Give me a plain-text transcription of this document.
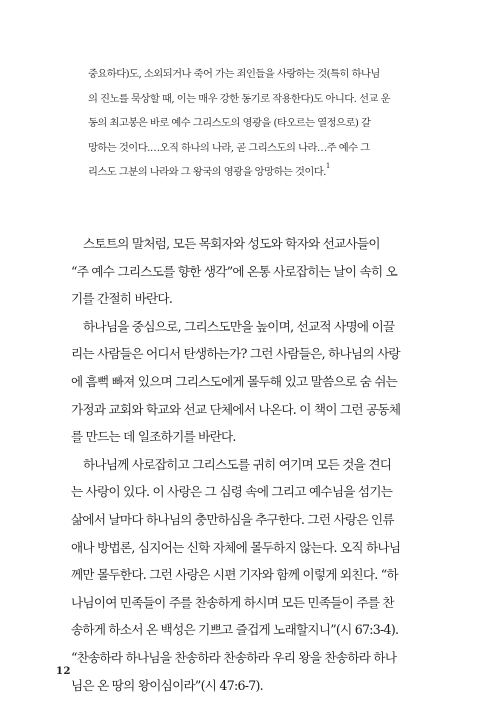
중요하다)도, 소외되거나 죽어 가는 죄인들을 사랑하는 것(특히 하나님
의 진노를 묵상할 때, 이는 매우 강한 동기로 작용한다)도 아니다. 선교 운
동의 최고봉은 바로 예수 그리스도의 영광을 (타오르는 열정으로) 갈
망하는 것이다.…오직 하나의 나라, 곧 그리스도의 나라…주 예수 그
리스도 그분의 나라와 그 왕국의 영광을 앙망하는 것이다.$^1$
스토트의 말처럼, 모든 목회자와 성도와 학자와 선교사들이
“주 예수 그리스도를 향한 생각”에 온통 사로잡히는 날이 속히 오
기를 간절히 바란다.
하나님을 중심으로, 그리스도만을 높이며, 선교적 사명에 이끌
리는 사람들은 어디서 탄생하는가? 그런 사람들은, 하나님의 사랑
에 흠뻑 빠져 있으며 그리스도에게 몰두해 있고 말씀으로 숨 쉬는
가정과 교회와 학교와 선교 단체에서 나온다. 이 책이 그런 공동체
를 만드는 데 일조하기를 바란다.
하나님께 사로잡히고 그리스도를 귀히 여기며 모든 것을 견디
는 사랑이 있다. 이 사랑은 그 심령 속에 그리고 예수님을 섬기는
삶에서 날마다 하나님의 충만하심을 추구한다. 그런 사랑은 인류
애나 방법론, 심지어는 신학 자체에 몰두하지 않는다. 오직 하나님
께만 몰두한다. 그런 사랑은 시편 기자와 함께 이렇게 외친다. “하
나님이여 민족들이 주를 찬송하게 하시며 모든 민족들이 주를 찬
송하게 하소서 온 백성은 기쁘고 즐겁게 노래할지니”(시 67:3-4).
“찬송하라 하나님을 찬송하라 찬송하라 우리 왕을 찬송하라 하나
님은 온 땅의 왕이심이라”(시 47:6-7).
12
